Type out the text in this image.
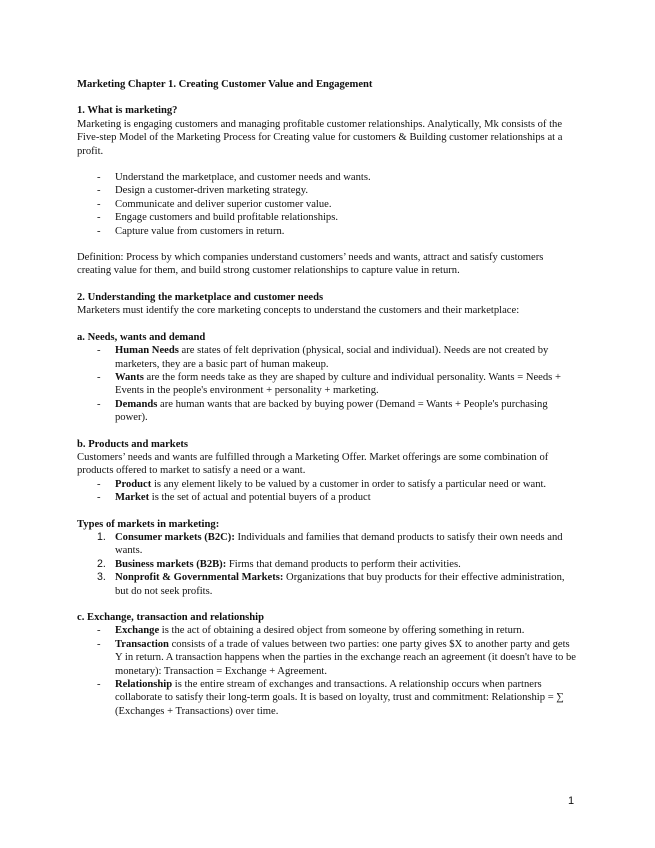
Marketing Chapter 1. Creating Customer Value and Engagement

1. What is marketing?

Marketing is engaging customers and managing profitable customer relationships. Analytically, Mk consists of the Five-step Model of the Marketing Process for Creating value for customers & Building customer relationships at a profit.

- Understand the marketplace, and customer needs and wants.
- Design a customer-driven marketing strategy.
- Communicate and deliver superior customer value.
- Engage customers and build profitable relationships.
- Capture value from customers in return.

Definition: Process by which companies understand customers’ needs and wants, attract and satisfy customers creating value for them, and build strong customer relationships to capture value in return.

2. Understanding the marketplace and customer needs

Marketers must identify the core marketing concepts to understand the customers and their marketplace:

a. Needs, wants and demand

- Human Needs are states of felt deprivation (physical, social and individual). Needs are not created by marketers, they are a basic part of human makeup.
- Wants are the form needs take as they are shaped by culture and individual personality. Wants = Needs + Events in the people's environment + personality + marketing.
- Demands are human wants that are backed by buying power (Demand = Wants + People's purchasing power).

b. Products and markets

Customers’ needs and wants are fulfilled through a Marketing Offer. Market offerings are some combination of products offered to market to satisfy a need or a want.

- Product is any element likely to be valued by a customer in order to satisfy a particular need or want.
- Market is the set of actual and potential buyers of a product

Types of markets in marketing:

1. Consumer markets (B2C): Individuals and families that demand products to satisfy their own needs and wants.
2. Business markets (B2B): Firms that demand products to perform their activities.
3. Nonprofit & Governmental Markets: Organizations that buy products for their effective administration, but do not seek profits.

c. Exchange, transaction and relationship

- Exchange is the act of obtaining a desired object from someone by offering something in return.
- Transaction consists of a trade of values between two parties: one party gives $X to another party and gets Y in return. A transaction happens when the parties in the exchange reach an agreement (it doesn't have to be monetary): Transaction = Exchange + Agreement.
- Relationship is the entire stream of exchanges and transactions. A relationship occurs when partners collaborate to satisfy their long-term goals. It is based on loyalty, trust and commitment: Relationship = ∑ (Exchanges + Transactions) over time.
1
